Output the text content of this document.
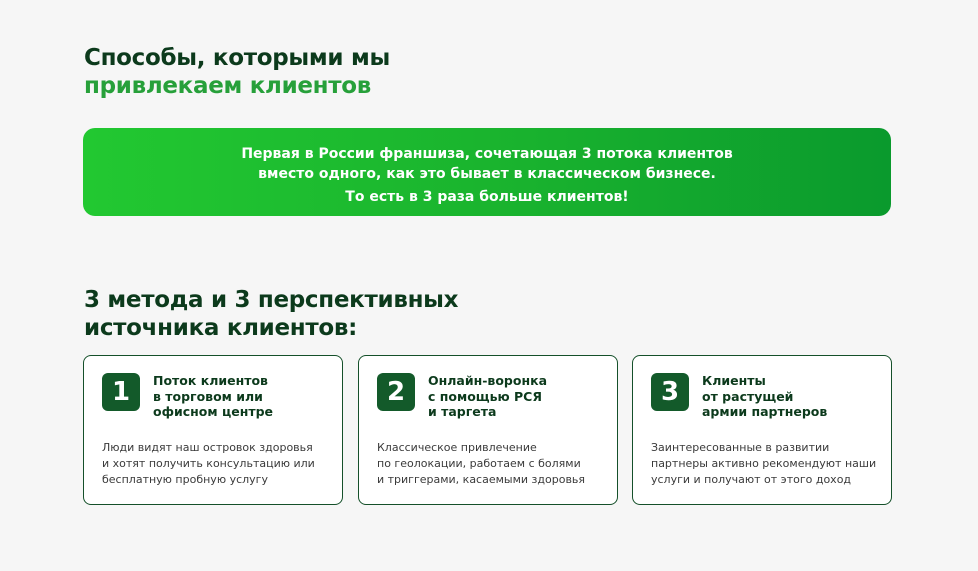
Способы, которыми мы
привлекаем клиентов
Первая в России франшиза, сочетающая 3 потока клиентов
вместо одного, как это бывает в классическом бизнесе.
То есть в 3 раза больше клиентов!
3 метода и 3 перспективных
источника клиентов:
1	Поток клиентов
в торговом или
офисном центре
Люди видят наш островок здоровья
и хотят получить консультацию или
бесплатную пробную услугу
2	Онлайн-воронка
с помощью РСЯ
и таргета
Классическое привлечение
по геолокации, работаем с болями
и триггерами, касаемыми здоровья
3	Клиенты
от растущей
армии партнеров
Заинтересованные в развитии
партнеры активно рекомендуют наши
услуги и получают от этого доход
